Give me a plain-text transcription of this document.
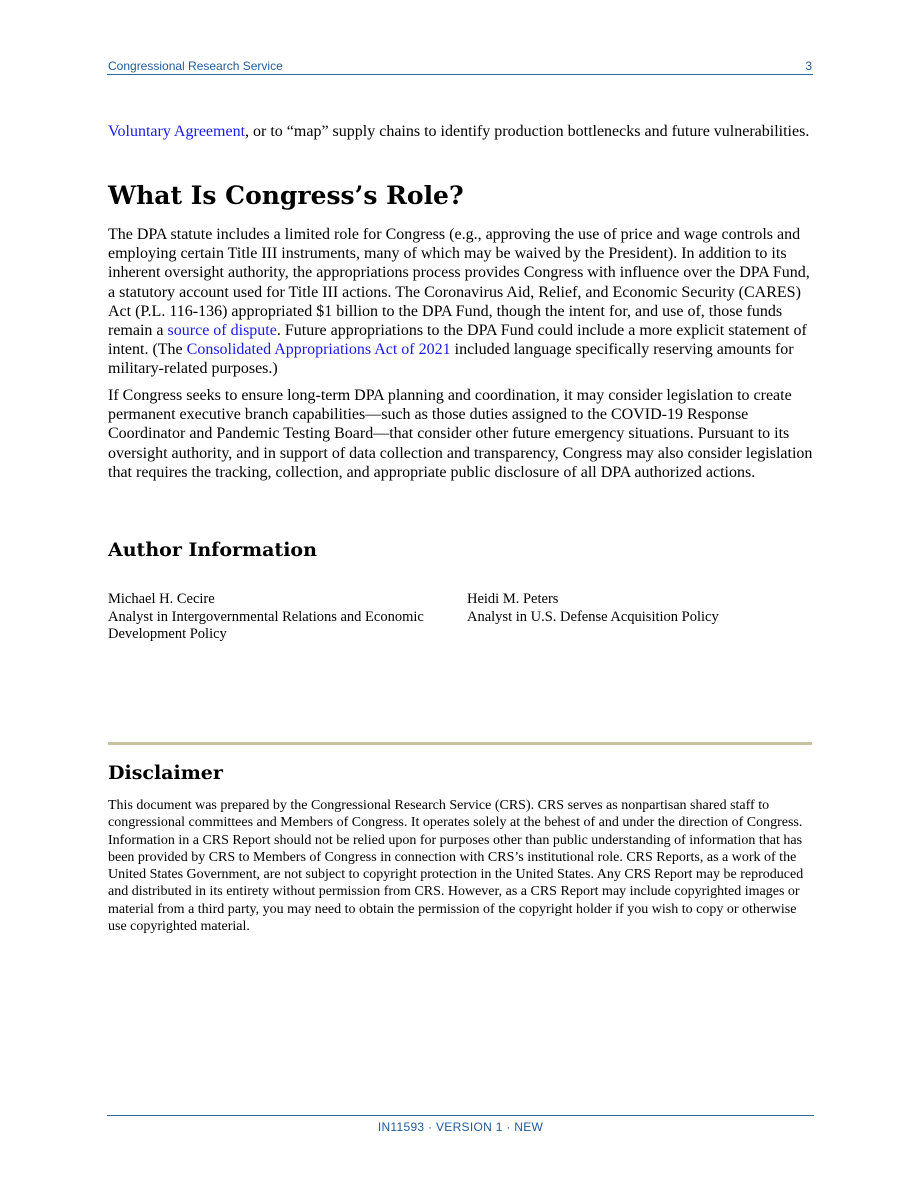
Congressional Research Service	3

Voluntary Agreement, or to “map” supply chains to identify production bottlenecks and future vulnerabilities.

What Is Congress’s Role?

The DPA statute includes a limited role for Congress (e.g., approving the use of price and wage controls and employing certain Title III instruments, many of which may be waived by the President). In addition to its inherent oversight authority, the appropriations process provides Congress with influence over the DPA Fund, a statutory account used for Title III actions. The Coronavirus Aid, Relief, and Economic Security (CARES) Act (P.L. 116-136) appropriated $1 billion to the DPA Fund, though the intent for, and use of, those funds remain a source of dispute. Future appropriations to the DPA Fund could include a more explicit statement of intent. (The Consolidated Appropriations Act of 2021 included language specifically reserving amounts for military-related purposes.)

If Congress seeks to ensure long-term DPA planning and coordination, it may consider legislation to create permanent executive branch capabilities—such as those duties assigned to the COVID-19 Response Coordinator and Pandemic Testing Board—that consider other future emergency situations. Pursuant to its oversight authority, and in support of data collection and transparency, Congress may also consider legislation that requires the tracking, collection, and appropriate public disclosure of all DPA authorized actions.

Author Information
Michael H. Cecire
Analyst in Intergovernmental Relations and Economic Development Policy
Heidi M. Peters
Analyst in U.S. Defense Acquisition Policy
Disclaimer

This document was prepared by the Congressional Research Service (CRS). CRS serves as nonpartisan shared staff to congressional committees and Members of Congress. It operates solely at the behest of and under the direction of Congress. Information in a CRS Report should not be relied upon for purposes other than public understanding of information that has been provided by CRS to Members of Congress in connection with CRS’s institutional role. CRS Reports, as a work of the United States Government, are not subject to copyright protection in the United States. Any CRS Report may be reproduced and distributed in its entirety without permission from CRS. However, as a CRS Report may include copyrighted images or material from a third party, you may need to obtain the permission of the copyright holder if you wish to copy or otherwise use copyrighted material.

IN11593 · VERSION 1 · NEW
